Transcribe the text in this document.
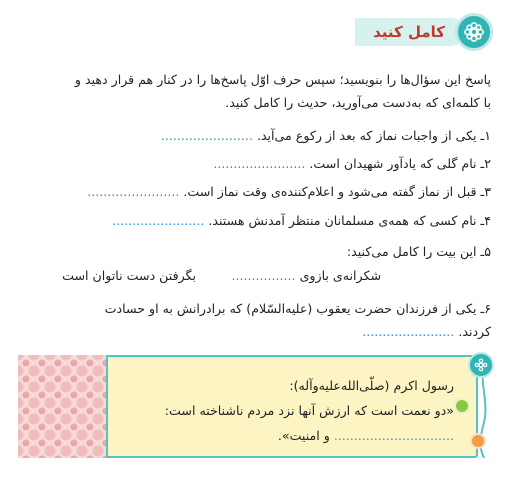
کامل کنید
پاسخ این سؤال‌ها را بنویسید؛ سپس حرف اوّل پاسخ‌ها را در کنار هم قرار دهید و
با کلمه‌ای که به‌دست می‌آورید، حدیث را کامل کنید.
۱ـ یکی از واجبات نماز که بعد از رکوع می‌آید. .......................
۲ـ نام گلی که یادآور شهیدان است. .......................
۳ـ قبل از نماز گفته می‌شود و اعلام‌کننده‌ی وقت نماز است. .......................
۴ـ نام کسی که همه‌ی مسلمانان منتظر آمدنش هستند. .......................
۵ـ این بیت را کامل می‌کنید:
شکرانه‌ی بازوی ................
بگرفتن دست ناتوان است
۶ـ یکی از فرزندان حضرت یعقوب (علیه‌السّلام) که برادرانش به او حسادت
کردند. .......................
رسول اکرم (صلّی‌الله‌علیه‌وآله):
«دو نعمت است که ارزش آنها نزد مردم ناشناخته است:
.............................. و امنیت».
